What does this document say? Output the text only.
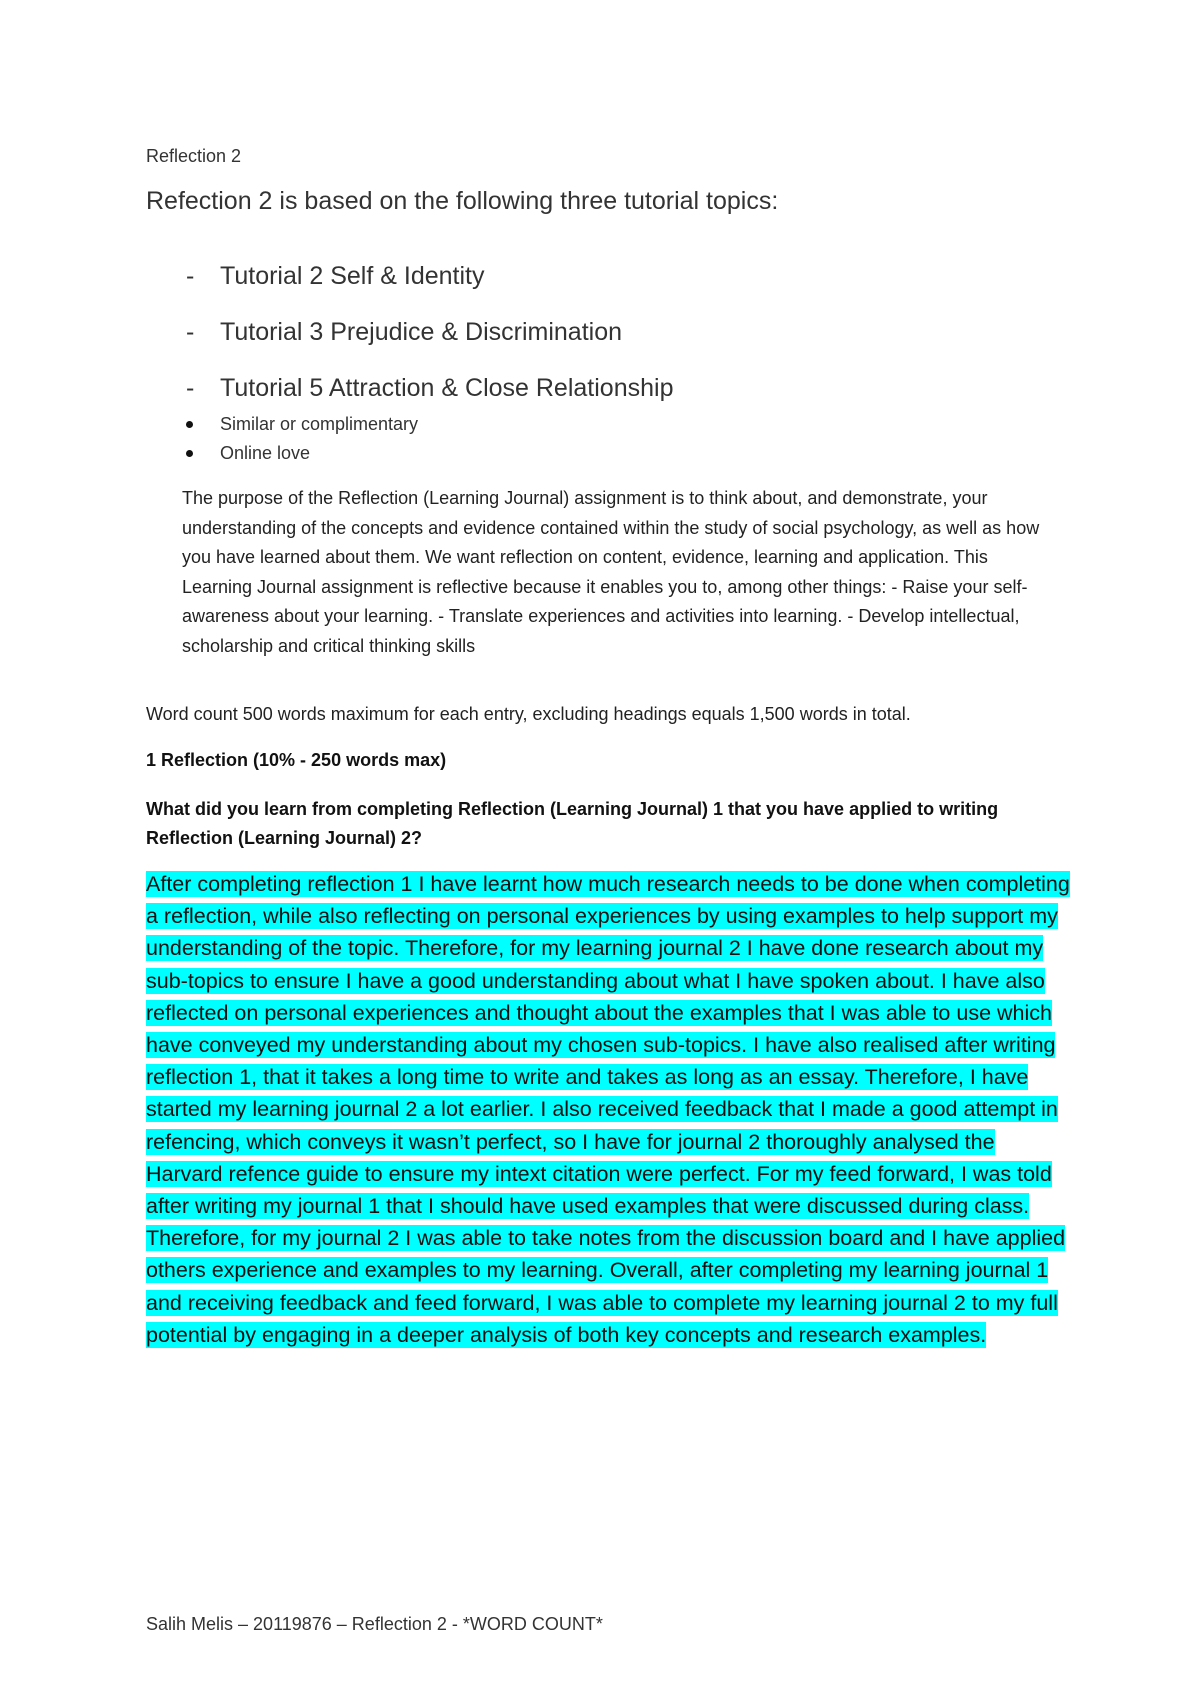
Reflection 2
Refection 2 is based on the following three tutorial topics:
-	Tutorial 2 Self & Identity
-	Tutorial 3 Prejudice & Discrimination
-	Tutorial 5 Attraction & Close Relationship
Similar or complimentary
Online love

The purpose of the Reflection (Learning Journal) assignment is to think about, and demonstrate, your understanding of the concepts and evidence contained within the study of social psychology, as well as how you have learned about them. We want reflection on content, evidence, learning and application. This Learning Journal assignment is reflective because it enables you to, among other things: - Raise your self- awareness about your learning. - Translate experiences and activities into learning. - Develop intellectual, scholarship and critical thinking skills

Word count 500 words maximum for each entry, excluding headings equals 1,500 words in total.
1 Reflection (10% - 250 words max)

What did you learn from completing Reflection (Learning Journal) 1 that you have applied to writing Reflection (Learning Journal) 2?

After completing reflection 1 I have learnt how much research needs to be done when completing a reflection, while also reflecting on personal experiences by using examples to help support my understanding of the topic. Therefore, for my learning journal 2 I have done research about my sub-topics to ensure I have a good understanding about what I have spoken about. I have also reflected on personal experiences and thought about the examples that I was able to use which have conveyed my understanding about my chosen sub-topics. I have also realised after writing reflection 1, that it takes a long time to write and takes as long as an essay. Therefore, I have started my learning journal 2 a lot earlier. I also received feedback that I made a good attempt in refencing, which conveys it wasn’t perfect, so I have for journal 2 thoroughly analysed the Harvard refence guide to ensure my intext citation were perfect. For my feed forward, I was told after writing my journal 1 that I should have used examples that were discussed during class. Therefore, for my journal 2 I was able to take notes from the discussion board and I have applied others experience and examples to my learning. Overall, after completing my learning journal 1 and receiving feedback and feed forward, I was able to complete my learning journal 2 to my full potential by engaging in a deeper analysis of both key concepts and research examples.

Salih Melis – 20119876 – Reflection 2 - *WORD COUNT*
